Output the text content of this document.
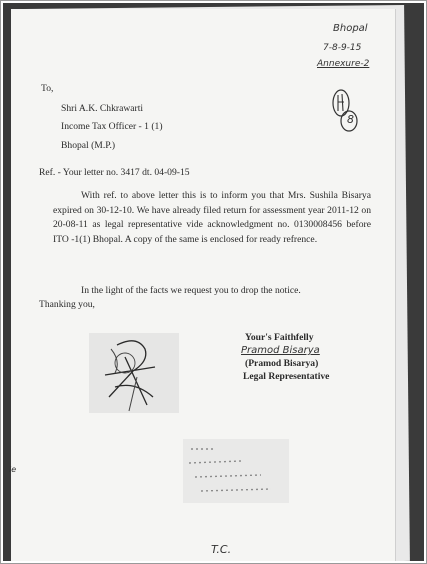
Bhopal
7-8-9-15
Annexure-2
8
To,
Shri A.K. Chkrawarti
Income Tax Officer - 1 (1)
Bhopal (M.P.)
Ref. - Your letter no. 3417 dt. 04-09-15
With ref. to above letter this is to inform you that Mrs. Sushila Bisarya expired on 30-12-10. We have already filed return for assessment year 2011-12 on 20-08-11 as legal representative vide acknowledgment no. 0130008456 before ITO -1(1) Bhopal. A copy of the same is enclosed for ready refrence.
In the light of the facts we request you to drop the notice.
Thanking you,
Your's Faithfelly
Pramod Bisarya
(Pramod Bisarya)
Legal Representative
le
T.C.
